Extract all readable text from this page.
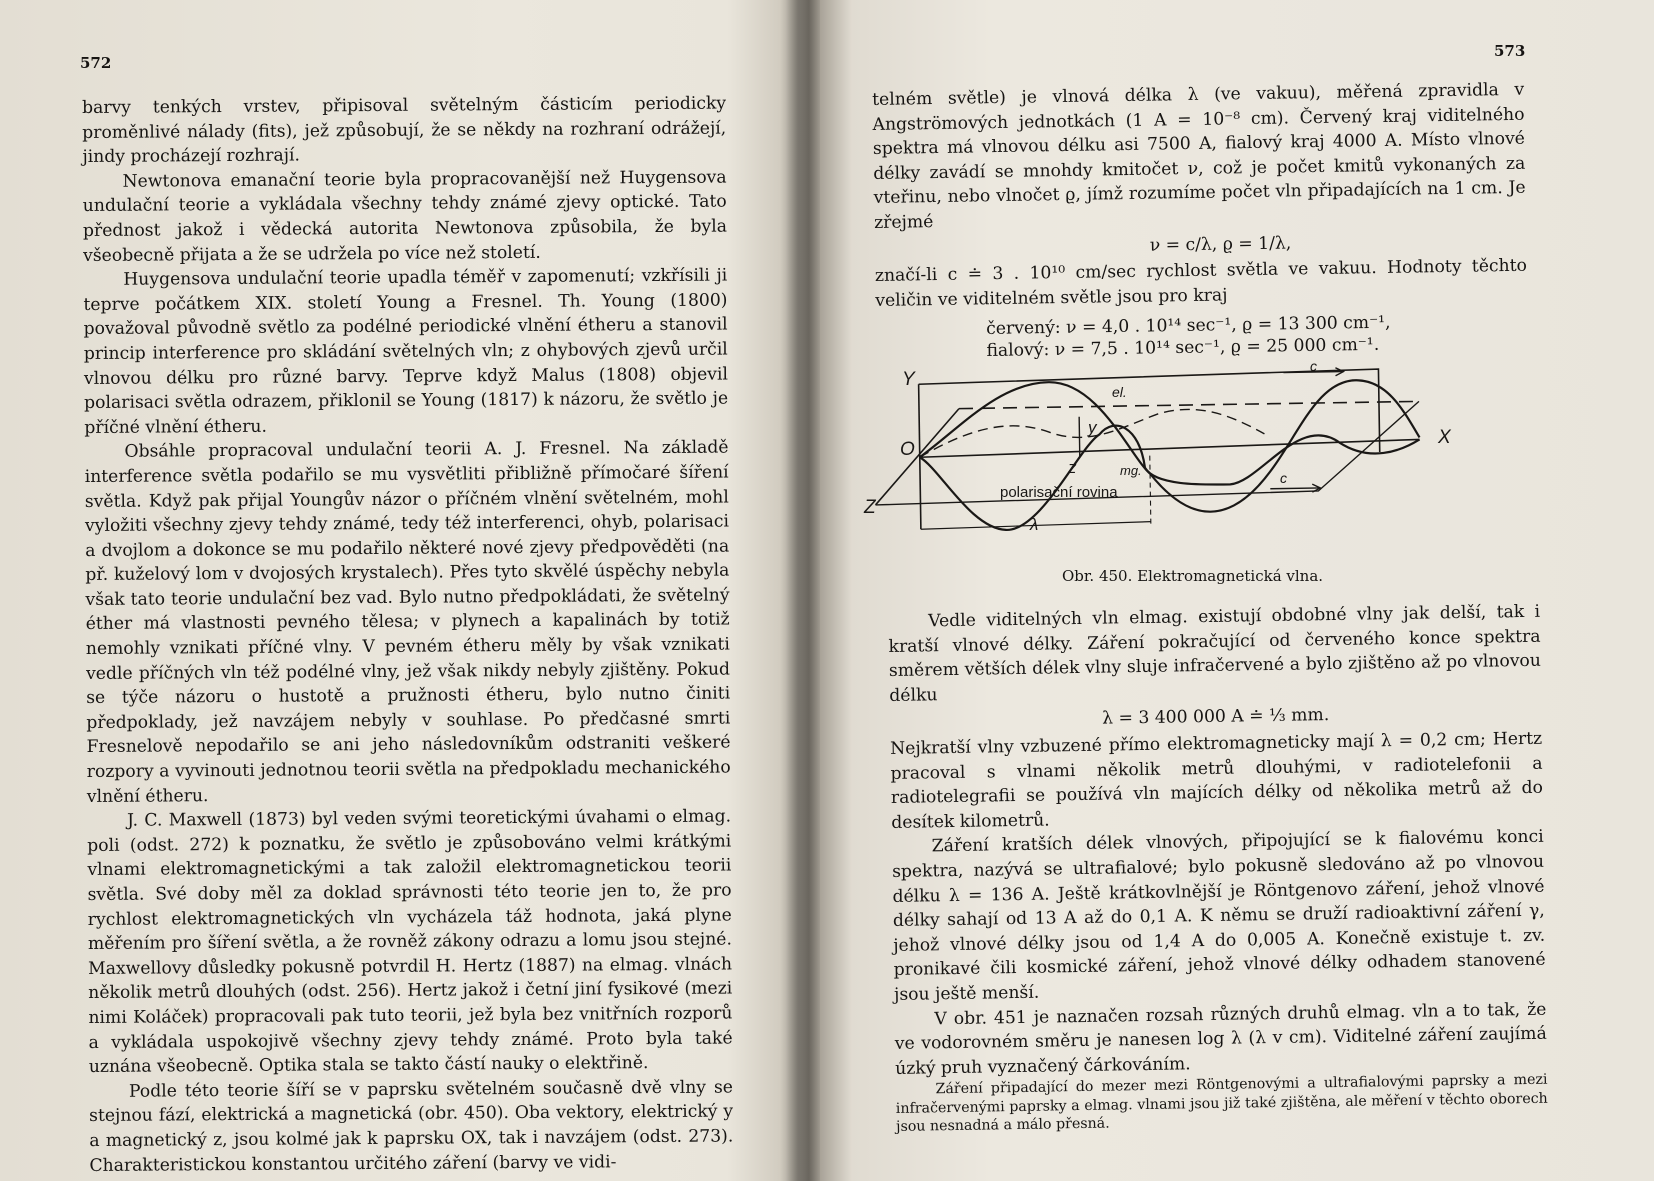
572

barvy tenkých vrstev, připisoval světelným částicím periodicky proměnlivé nálady (fits), jež způsobují, že se někdy na rozhraní odrážejí, jindy procházejí rozhrají.

Newtonova emanační teorie byla propracovanější než Huygensova undulační teorie a vykládala všechny tehdy známé zjevy optické. Tato přednost jakož i vědecká autorita Newtonova způsobila, že byla všeobecně přijata a že se udržela po více než století.

Huygensova undulační teorie upadla téměř v zapomenutí; vzkřísili ji teprve počátkem XIX. století Young a Fresnel. Th. Young (1800) považoval původně světlo za podélné periodické vlnění étheru a stanovil princip interference pro skládání světelných vln; z ohybových zjevů určil vlnovou délku pro různé barvy. Teprve když Malus (1808) objevil polarisaci světla odrazem, přiklonil se Young (1817) k názoru, že světlo je příčné vlnění étheru.

Obsáhle propracoval undulační teorii A. J. Fresnel. Na základě interference světla podařilo se mu vysvětliti přibližně přímočaré šíření světla. Když pak přijal Youngův názor o příčném vlnění světelném, mohl vyložiti všechny zjevy tehdy známé, tedy též interferenci, ohyb, polarisaci a dvojlom a dokonce se mu podařilo některé nové zjevy předpověděti (na př. kuželový lom v dvojosých krystalech). Přes tyto skvělé úspěchy nebyla však tato teorie undulační bez vad. Bylo nutno předpokládati, že světelný éther má vlastnosti pevného tělesa; v plynech a kapalinách by totiž nemohly vznikati příčné vlny. V pevném étheru měly by však vznikati vedle příčných vln též podélné vlny, jež však nikdy nebyly zjištěny. Pokud se týče názoru o hustotě a pružnosti étheru, bylo nutno činiti předpoklady, jež navzájem nebyly v souhlase. Po předčasné smrti Fresnelově nepodařilo se ani jeho následovníkům odstraniti veškeré rozpory a vyvinouti jednotnou teorii světla na předpokladu mechanického vlnění étheru.

J. C. Maxwell (1873) byl veden svými teoretickými úvahami o elmag. poli (odst. 272) k poznatku, že světlo je způsobováno velmi krátkými vlnami elektromagnetickými a tak založil elektromagnetickou teorii světla. Své doby měl za doklad správnosti této teorie jen to, že pro rychlost elektromagnetických vln vycházela táž hodnota, jaká plyne měřením pro šíření světla, a že rovněž zákony odrazu a lomu jsou stejné. Maxwellovy důsledky pokusně potvrdil H. Hertz (1887) na elmag. vlnách několik metrů dlouhých (odst. 256). Hertz jakož i četní jiní fysikové (mezi nimi Koláček) propracovali pak tuto teorii, jež byla bez vnitřních rozporů a vykládala uspokojivě všechny zjevy tehdy známé. Proto byla také uznána všeobecně. Optika stala se takto částí nauky o elektřině.

Podle této teorie šíří se v paprsku světelném současně dvě vlny se stejnou fází, elektrická a magnetická (obr. 450). Oba vektory, elektrický y a magnetický z, jsou kolmé jak k paprsku OX, tak i navzájem (odst. 273). Charakteristickou konstantou určitého záření (barvy ve vidi-

573

telném světle) je vlnová délka λ (ve vakuu), měřená zpravidla v Angströmových jednotkách (1 A = 10⁻⁸ cm). Červený kraj viditelného spektra má vlnovou délku asi 7500 A, fialový kraj 4000 A. Místo vlnové délky zavádí se mnohdy kmitočet ν, což je počet kmitů vykonaných za vteřinu, nebo vlnočet ϱ, jímž rozumíme počet vln připadajících na 1 cm. Je zřejmé

ν = c/λ, ϱ = 1/λ,

značí-li c ≐ 3 . 10¹⁰ cm/sec rychlost světla ve vakuu. Hodnoty těchto veličin ve viditelném světle jsou pro kraj

červený: ν = 4,0 . 10¹⁴ sec⁻¹, ϱ = 13 300 cm⁻¹,
fialový: ν = 7,5 . 10¹⁴ sec⁻¹, ϱ = 25 000 cm⁻¹.
Y
O
X
Z
el.
y
z	mg.
polarisační rovina
c
c
λ
Obr. 450. Elektromagnetická vlna.

Vedle viditelných vln elmag. existují obdobné vlny jak delší, tak i kratší vlnové délky. Záření pokračující od červeného konce spektra směrem větších délek vlny sluje infračervené a bylo zjištěno až po vlnovou délku

λ = 3 400 000 A ≐ ⅓ mm.

Nejkratší vlny vzbuzené přímo elektromagneticky mají λ = 0,2 cm; Hertz pracoval s vlnami několik metrů dlouhými, v radiotelefonii a radiotelegrafii se používá vln majících délky od několika metrů až do desítek kilometrů.

Záření kratších délek vlnových, připojující se k fialovému konci spektra, nazývá se ultrafialové; bylo pokusně sledováno až po vlnovou délku λ = 136 A. Ještě krátkovlnější je Röntgenovo záření, jehož vlnové délky sahají od 13 A až do 0,1 A. K němu se druží radioaktivní záření γ, jehož vlnové délky jsou od 1,4 A do 0,005 A. Konečně existuje t. zv. pronikavé čili kosmické záření, jehož vlnové délky odhadem stanovené jsou ještě menší.

V obr. 451 je naznačen rozsah různých druhů elmag. vln a to tak, že ve vodorovném směru je nanesen log λ (λ v cm). Viditelné záření zaujímá úzký pruh vyznačený čárkováním.

Záření připadající do mezer mezi Röntgenovými a ultrafialovými paprsky a mezi infračervenými paprsky a elmag. vlnami jsou již také zjištěna, ale měření v těchto oborech jsou nesnadná a málo přesná.
